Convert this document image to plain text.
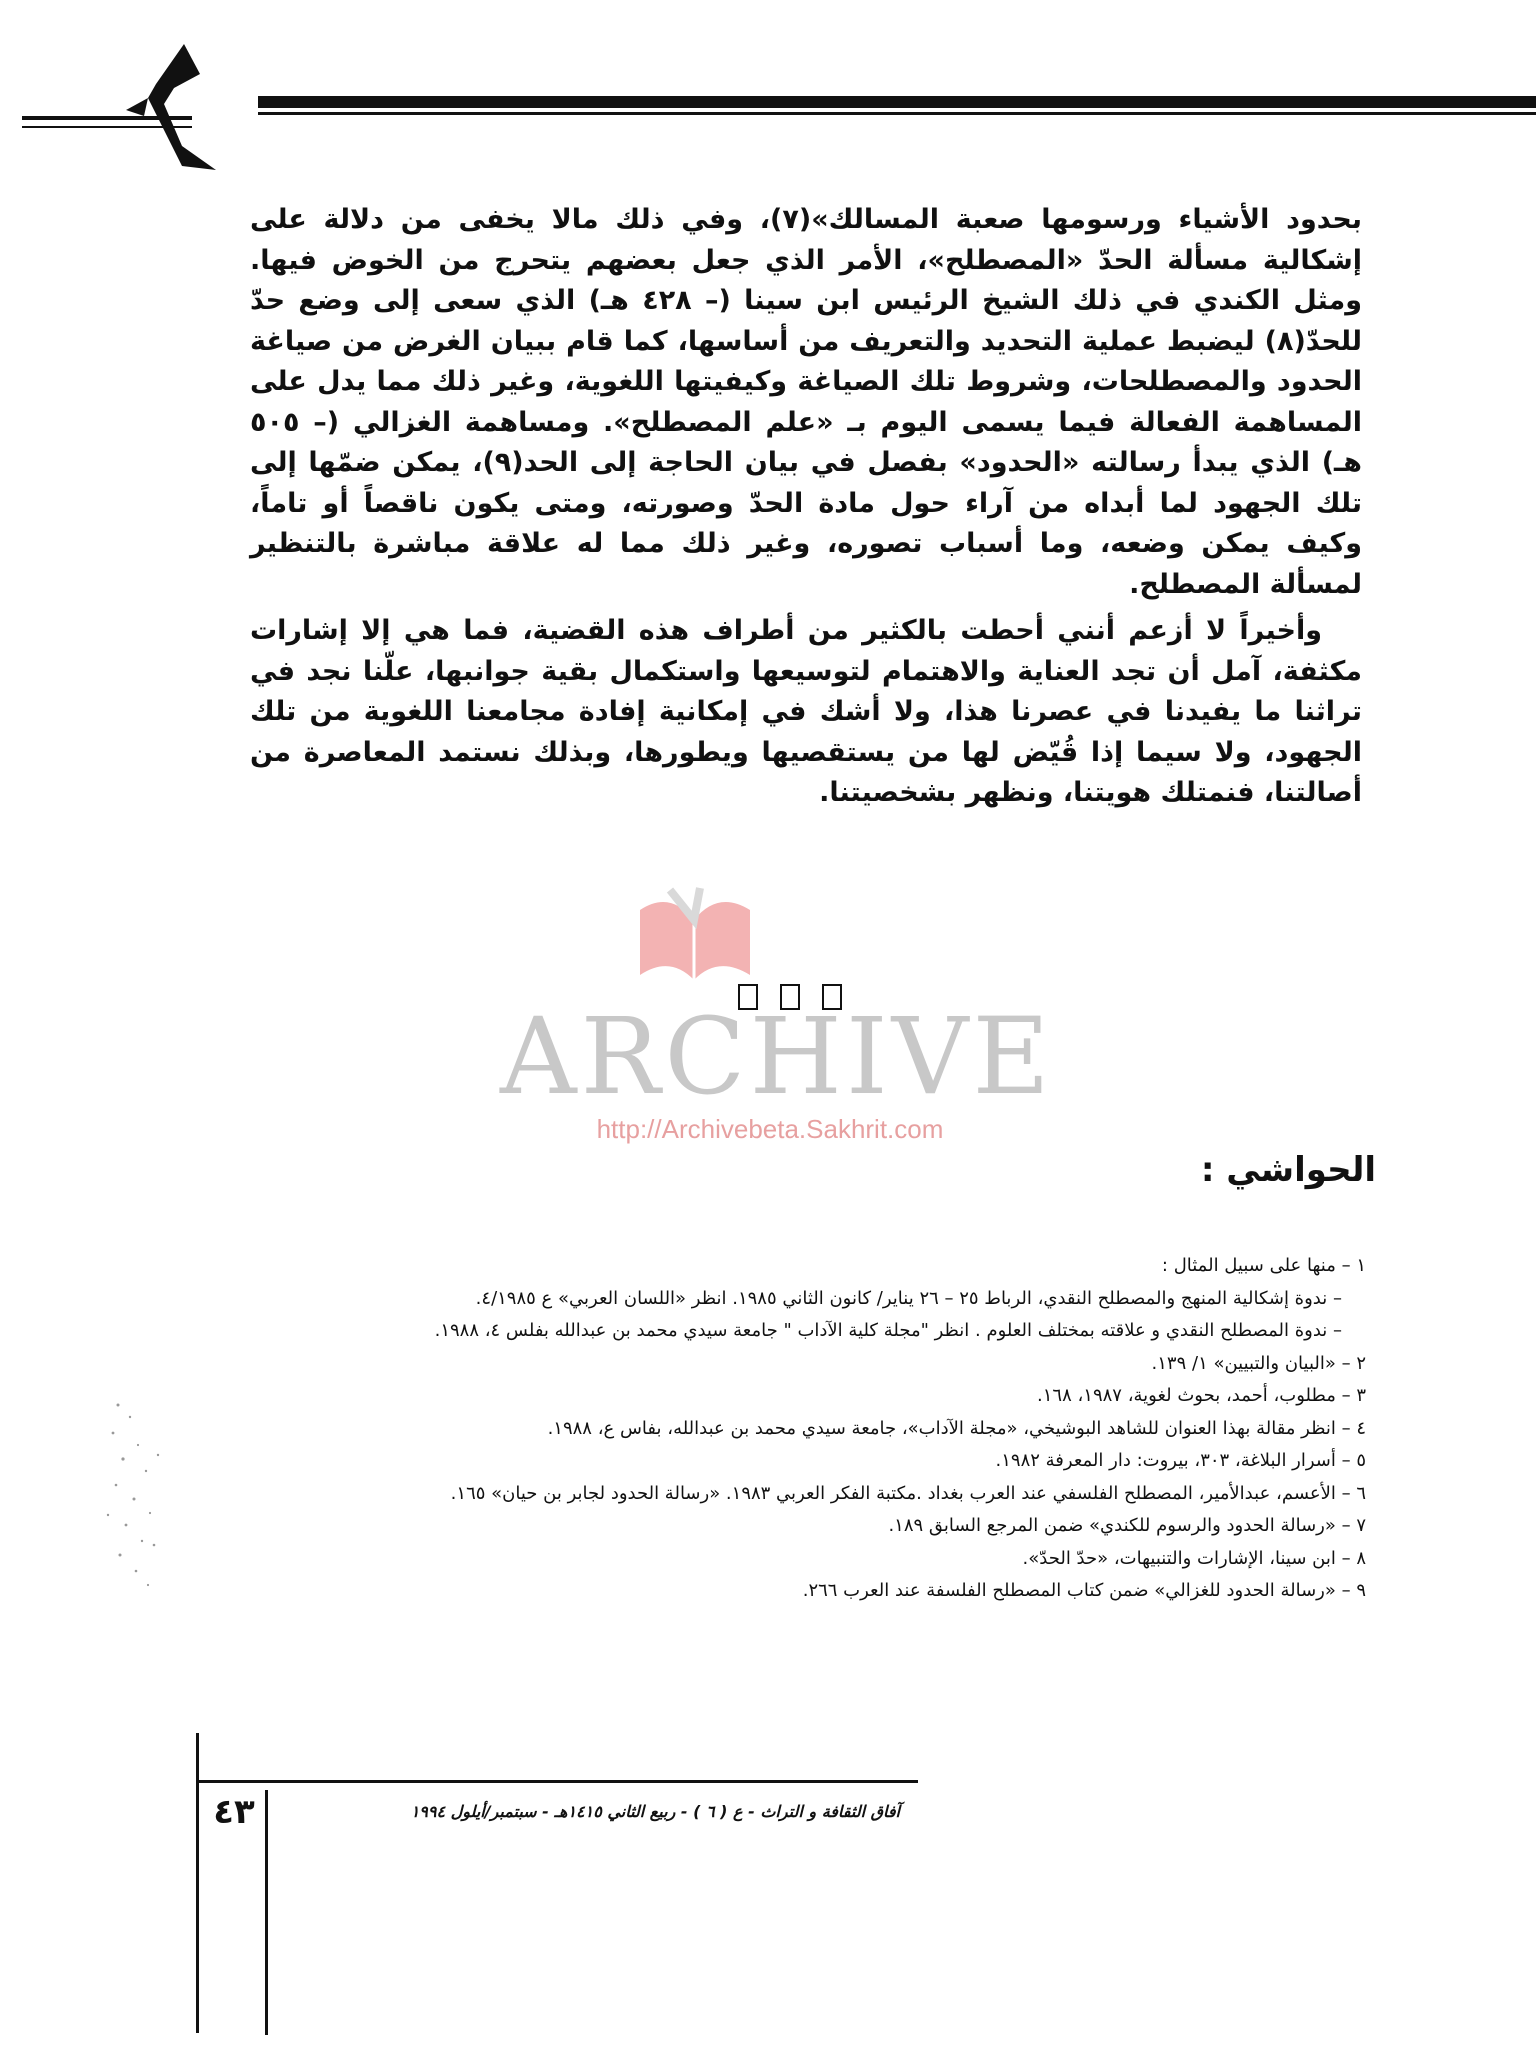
بحدود الأشياء ورسومها صعبة المسالك»(٧)، وفي ذلك مالا يخفى من دلالة على إشكالية مسألة الحدّ «المصطلح»، الأمر الذي جعل بعضهم يتحرج من الخوض فيها. ومثل الكندي في ذلك الشيخ الرئيس ابن سينا (– ٤٢٨ هـ) الذي سعى إلى وضع حدّ للحدّ(٨) ليضبط عملية التحديد والتعريف من أساسها، كما قام ببيان الغرض من صياغة الحدود والمصطلحات، وشروط تلك الصياغة وكيفيتها اللغوية، وغير ذلك مما يدل على المساهمة الفعالة فيما يسمى اليوم بـ «علم المصطلح». ومساهمة الغزالي (– ٥٠٥ هـ) الذي يبدأ رسالته «الحدود» بفصل في بيان الحاجة إلى الحد(٩)، يمكن ضمّها إلى تلك الجهود لما أبداه من آراء حول مادة الحدّ وصورته، ومتى يكون ناقصاً أو تاماً، وكيف يمكن وضعه، وما أسباب تصوره، وغير ذلك مما له علاقة مباشرة بالتنظير لمسألة المصطلح.

وأخيراً لا أزعم أنني أحطت بالكثير من أطراف هذه القضية، فما هي إلا إشارات مكثفة، آمل أن تجد العناية والاهتمام لتوسيعها واستكمال بقية جوانبها، علّنا نجد في تراثنا ما يفيدنا في عصرنا هذا، ولا أشك في إمكانية إفادة مجامعنا اللغوية من تلك الجهود، ولا سيما إذا قُيّض لها من يستقصيها ويطورها، وبذلك نستمد المعاصرة من أصالتنا، فنمتلك هويتنا، ونظهر بشخصيتنا.

ARCHIVE
http://Archivebeta.Sakhrit.com
الحواشي :
١ – منها على سبيل المثال :
– ندوة إشكالية المنهج والمصطلح النقدي، الرباط ٢٥ – ٢٦ يناير/ كانون الثاني ١٩٨٥. انظر «اللسان العربي» ع ٤/١٩٨٥.
– ندوة المصطلح النقدي و علاقته بمختلف العلوم . انظر "مجلة كلية الآداب " جامعة سيدي محمد بن عبدالله بفلس ٤، ١٩٨٨.
٢ – «البيان والتبيين» ١/ ١٣٩.
٣ – مطلوب، أحمد، بحوث لغوية، ١٩٨٧، ١٦٨.
٤ – انظر مقالة بهذا العنوان للشاهد البوشيخي، «مجلة الآداب»، جامعة سيدي محمد بن عبدالله، بفاس ع، ١٩٨٨.
٥ – أسرار البلاغة، ٣٠٣، بيروت: دار المعرفة ١٩٨٢.
٦ – الأعسم، عبدالأمير، المصطلح الفلسفي عند العرب بغداد .مكتبة الفكر العربي ١٩٨٣. «رسالة الحدود لجابر بن حيان» ١٦٥.
٧ – «رسالة الحدود والرسوم للكندي» ضمن المرجع السابق ١٨٩.
٨ – ابن سينا، الإشارات والتنبيهات، «حدّ الحدّ».
٩ – «رسالة الحدود للغزالي» ضمن كتاب المصطلح الفلسفة عند العرب ٢٦٦.
٤٣	آفاق الثقافة و التراث - ع ( ٦ ) - ربيع الثاني ١٤١٥هـ - سبتمبر/أيلول ١٩٩٤
